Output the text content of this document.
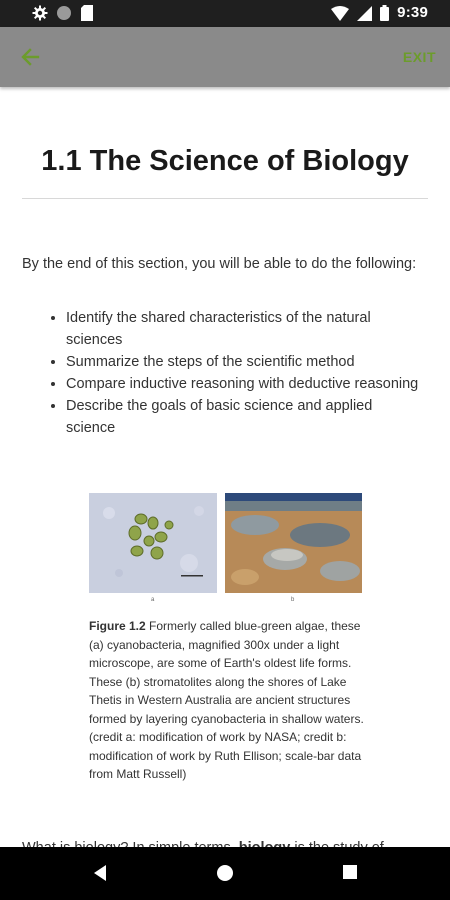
9:39
EXIT
1.1 The Science of Biology

By the end of this section, you will be able to do the following:

• Identify the shared characteristics of the natural sciences
• Summarize the steps of the scientific method
• Compare inductive reasoning with deductive reasoning
• Describe the goals of basic science and applied science
a	b

Figure 1.2 Formerly called blue-green algae, these (a) cyanobacteria, magnified 300x under a light microscope, are some of Earth's oldest life forms. These (b) stromatolites along the shores of Lake Thetis in Western Australia are ancient structures formed by layering cyanobacteria in shallow waters. (credit a: modification of work by NASA; credit b: modification of work by Ruth Ellison; scale-bar data from Matt Russell)
